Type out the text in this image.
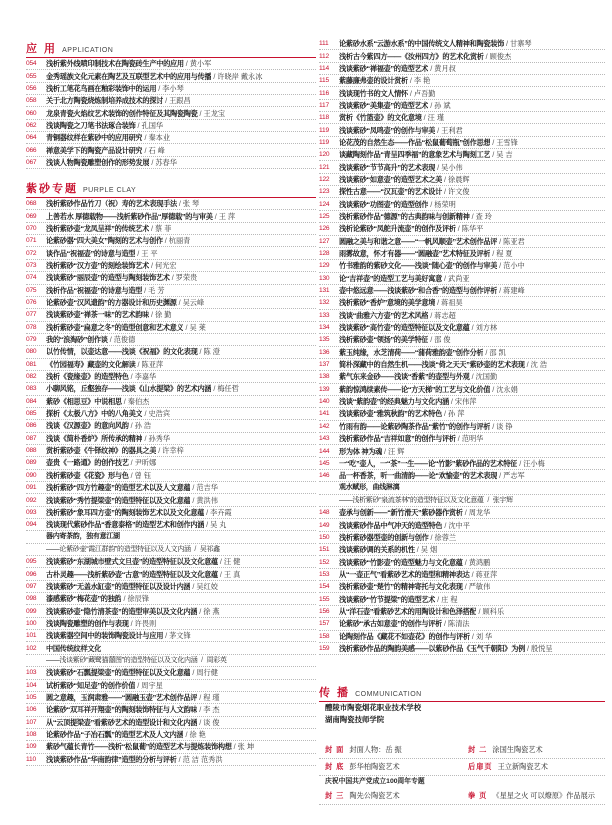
应 用 APPLICATION
054	浅析紫外线喷印制技术在陶瓷砖生产中的应用 / 黄小军
055	金秀瑶族文化元素在陶艺及互联型艺术中的应用与传播 / 许晓岸 戴永冰
056	浅析工笔花鸟画在釉彩装饰中的运用 / 李小琴
058	关于北方陶瓷烧炼制培养成技术的探讨 / 王跟昌
060	龙泉青瓷火焰纹艺术装饰的创作特征及其陶瓷陶瓷 / 王龙宝
062	浅谈陶瓷之刀笔书法琢合装饰 / 孔国华
064	青铜器纹样在紫砂中的应用研究 / 秦本业
066	禅意美学下的陶瓷产品设计研究 / 石 峰
067	浅谈人物陶瓷雕塑创作的形势发展 / 苏春华
紫砂专题 PURPLE CLAY
068	浅析紫砂作品竹刀（祝）寿的艺术表现手法 / 张 琴
069	上善若水 厚德载物——浅析紫砂作品“厚德载”的与审美 / 王 萍
070	浅析紫砂壶“龙凤呈祥”的传统艺术 / 蔡 菲
071	论紫砂器“四大美女”陶刻的艺术与创作 / 杭丽青
072	谈作品“祝福壶”的诗意与造型 / 王 平
073	浅析紫砂“汉方壶”的刻绘装饰艺术 / 何光宏
074	浅谈紫砂“丽辰壶”的造型与陶刻装饰艺术 / 罗荣贵
075	浅析作品“祝福壶”的诗意与造型 / 毛 芳
076	论紫砂壶“汉风遗韵”的方器设计和历史渊源 / 吴云峰
077	浅谈紫砂壶“禅茶一味”的艺术韵味 / 徐 勤
078	浅析紫砂壶“扁意之冬”的造型创意和艺术意义 / 吴 莱
079	我的“浪淘砂”创作谈 / 范俊德
080	以竹传情，以壶达意——浅谈《祝福》的文化表现 / 陈 澄
081	《竹园福寿》藏壶的文化解读 / 陈亚萍
082	浅析《瓷缘壶》的造型特色 / 李嘉华
083	小聊风铭，丘壑独存——浅谈《山水提梁》的艺术内涵 / 梅任哲
084	紫砂《相思豆》中说相思 / 秦伯杰
085	探析《太极八方》中的八角美文 / 史浩宾
086	浅谈《汉源壶》的意向风韵 / 孙 浩
087	浅谈《简朴香炉》所传承的精神 / 孙秀华
088	赏析紫砂壶《牛铎纹神》的器具之美 / 许幸梓
089	壶贵《一路通》的创作技艺 / 尹昕娜
090	浅析紫砂壶《花瓷》形与色 / 曾 钰
091	浅析紫砂“四方竹趣壶”的造型艺术以及人文意蕴 / 范吉华
092	浅谈紫砂“秀竹提梁壶”的造型特征以及文化意蕴 / 黄洪伟
093	浅析紫砂“象耳四方壶”的陶刻装饰艺术以及文化意蕴 / 李卉霞
094	浅谈现代紫砂作品“香意泰格”的造型艺术和创作内涵 / 吴 丸
器内寄茶韵，独有意江湖
——论紫砂壶“霞江群韵”的造型特征以及人文内涵 / 吴祁鑫
095	浅谈紫砂“东湖城市壁式文旦壶”的造型特征以及文化意蕴 / 汪 健
096	古朴灵趣——浅析紫砂壶“古意”的造型特征以及文化意蕴 / 王 真
097	浅谈紫砂“无盖水缸壶”的造型特征以及设计内涵 / 吴红姣
098	漆感紫砂“梅花壶”的独韵 / 徐辰锋
099	浅谈紫砂壶“隐竹清茶壶”的造型审美以及文化内涵 / 徐 燕
100	浅谈陶瓷雕塑的创作与表现 / 许畏则
101	浅谈紫器空间中的装饰陶瓷设计与应用 / 茅文锋
102	中国传统纹样文化
——浅谈紫砂“藏鹭猫囍图”的造型特征以及文化内涵 / 周彩英
103	浅谈紫砂“石瓢提梁壶”的造型特征以及文化意蕴 / 周行健
104	试析紫砂“知足壶”的创作价值 / 周宇星
105	圆之意趣，玉润肃雅——“圆融玉壶”艺术创作品评 / 程 瑾
106	论紫砂“双耳祥开翔壶”的陶刻装饰特征与人文韵味 / 李 杰
107	从“云顶提梁壶”看紫砂艺术的造型设计和文化内涵 / 谈 俊
108	论紫砂作品“子冶石瓢”的造型艺术及人文内涵 / 徐 艳
109	紫砂气蕴长青竹——浅析“松鼠葡”的造型艺术与提炼装饰构想 / 张 坤
110	浅谈紫砂作品“华南韵律”造型的分析与评析 / 范 洁 范秀洪
111	论紫砂水系“云游水系”的中国传统文人精神和陶瓷装饰 / 甘寨琴
112	浅析古今紫四方——《汝州四方》的艺术化赏析 / 顾俊杰
114	浅谈紫砂“禅福壶”的造型艺术 / 黄月叔
115	紫藤廉弗壶的设计赏析 / 李 艳
116	浅谈现竹书的文人情怀 / 卢吾勤
117	浅谈紫砂“美集壶”的造型艺术 / 孙 斌
118	赏析《竹篮壶》的文化意境 / 汪 瑾
119	浅谈紫砂“凤鸣壶”的创作与审美 / 王利君
119	论花茂的自然生态——作品“松鼠葡萄瓶”创作思想 / 王雪锋
120	谈藏陶刻作品“青呈四季福”的意象艺术与陶刻工艺 / 吴 吉
121	浅谈紫砂“节节高升”的艺术表现 / 吴小伟
122	浅谈紫砂“如意壶”的造型艺术之美 / 徐晨辉
123	探性古意——“汉瓦壶”的艺术设计 / 许文俊
124	浅谈紫砂“功图壶”的造型创作 / 杨荣明
125	浅析紫砂作品“德源”的古典韵味与创新精神 / 查 玲
126	浅析论紫砂“凤舵升流壶”的创作及评析 / 陈华平
127	圆融之美与和谐之意——“一帆风顺壶”艺术创作品评 / 陈亚君
128	雨雾故意，怀才有器——“圆融壶”艺术特征及评析 / 程 夏
129	竹书雅韵的紫砂文化——浅谈“随心壶”的创作与审美 / 范小中
130	论“吉祥壶”的造型工艺与美好寓意 / 武尚亚
131	壶中悠远意——浅谈紫砂“和合香”的造型与创作评析 / 蒋建峰
132	浅析紫砂“香炉”意境的美学意境 / 蒋祖昊
133	浅谈“曲雅六方壶”的艺术风格 / 蒋志超
134	浅谈紫砂“高竹壶”的造型特征以及文化意蕴 / 刘方林
135	浅析紫砂壶“领扬”的美学特征 / 邵 俊
136	紫玉纯缘，水芝清荷——“蒲荷雅韵壶”创作分析 / 邵 凯
137	简朴深藏中的自然生机——浅谈“倚之天天”紫砂壶的艺术表现 / 沈 浩
138	紫气东来金砂——浅谈“香紫”的壶型与外观 / 沈国勤
139	紫韵惊鸿续素传——论“方天梯”的工艺与文化价值 / 沈永娟
140	浅谈“紫韵壶”的经典魅力与文化内涵 / 宋伟萍
141	浅谈紫砂壶“雅筑秋韵”的艺术特色 / 孙 萍
142	竹雨有韵——论紫砂陶茶作品“紫竹”的创作与评析 / 谈 铮
143	浅析紫砂作品“吉祥如意”的创作与评析 / 范明华
144	形为体 神为魂 / 汪 辉
145	一“吃”壶人，一“茶”一生——论“竹影”紫砂作品的艺术特征 / 汪小梅
146	品一杯香茶，听一曲清韵——论“欢愉壶”的艺术表现 / 严志军
观水赋形，曲线淋漓
——浅析紫砂“泉流茶林”的造型特征以及文化意蕴 / 张宇辉
148	壶承与创新——“新竹滑天”紫砂器作赏析 / 周龙华
149	浅谈紫砂作品中气冲天的造型特色 / 沈中平
150	浅析紫砂器型壶的创新与创作 / 徐蓉兰
151	浅谈紫砂调的关系的机性 / 吴 烟
152	浅谈紫砂“竹影壶”的造型魅力与文化意蕴 / 黄鸿鹏
153	从“一壶正气”看紫砂艺术的造型和精神表达 / 蒋亚萍
154	浅析紫砂壶“楚竹”的精神寄托与文化表现 / 严敏伟
155	浅谈紫砂“竹节提梁”的造型艺术 / 庄 程
156	从“洋石壶”看紫砂艺术的用陶设计和色泽搭配 / 顾科乐
157	论紫砂“承古如意壶”的创作与评析 / 陈清法
158	论陶刻作品《藏花不如壶花》的创作与评析 / 刘 华
159	浅析紫砂作品的陶韵美感——以紫砂作品《玉气千朝阳》为例 / 殷悦呈
传 播 COMMUNICATION
醴陵市陶瓷烟花职业技术学校
湖南陶瓷技师学院
封 面 封面人物：岳 振	封 二 涂国生陶瓷艺术
封 底 彭华柏陶瓷艺术	后扉页 王立新陶瓷艺术
庆祝中国共产党成立100周年专题
封 三 陶先公陶瓷艺术	拳 页 《星星之火 可以燎原》作品展示
